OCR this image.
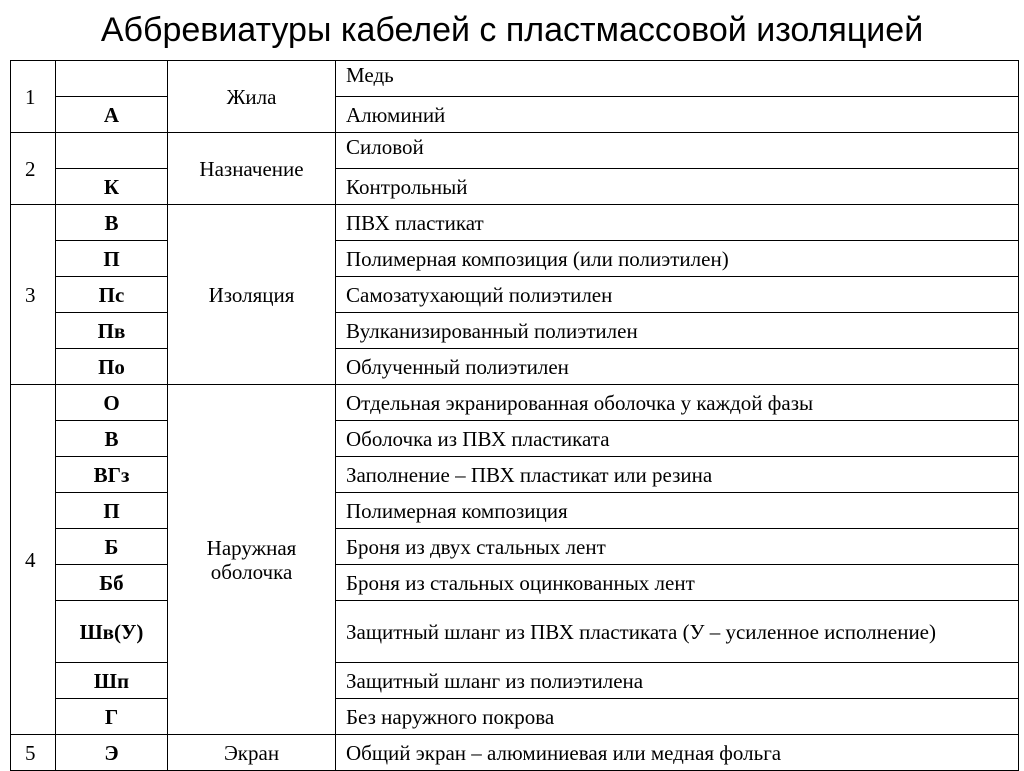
Аббревиатуры кабелей с пластмассовой изоляцией
1		Жила	Медь
	А		Алюминий
2		Назначение	Силовой
	К		Контрольный
3	В	Изоляция	ПВХ пластикат
	П		Полимерная композиция (или полиэтилен)
	Пс		Самозатухающий полиэтилен
	Пв		Вулканизированный полиэтилен
	По		Облученный полиэтилен
4	О	Наружная оболочка	Отдельная экранированная оболочка у каждой фазы
	В		Оболочка из ПВХ пластиката
	ВГз		Заполнение – ПВХ пластикат или резина
	П		Полимерная композиция
	Б		Броня из двух стальных лент
	Бб		Броня из стальных оцинкованных лент
	Шв(У)		Защитный шланг из ПВХ пластиката (У – усиленное исполнение)
	Шп		Защитный шланг из полиэтилена
	Г		Без наружного покрова
5	Э	Экран	Общий экран – алюминиевая или медная фольга
